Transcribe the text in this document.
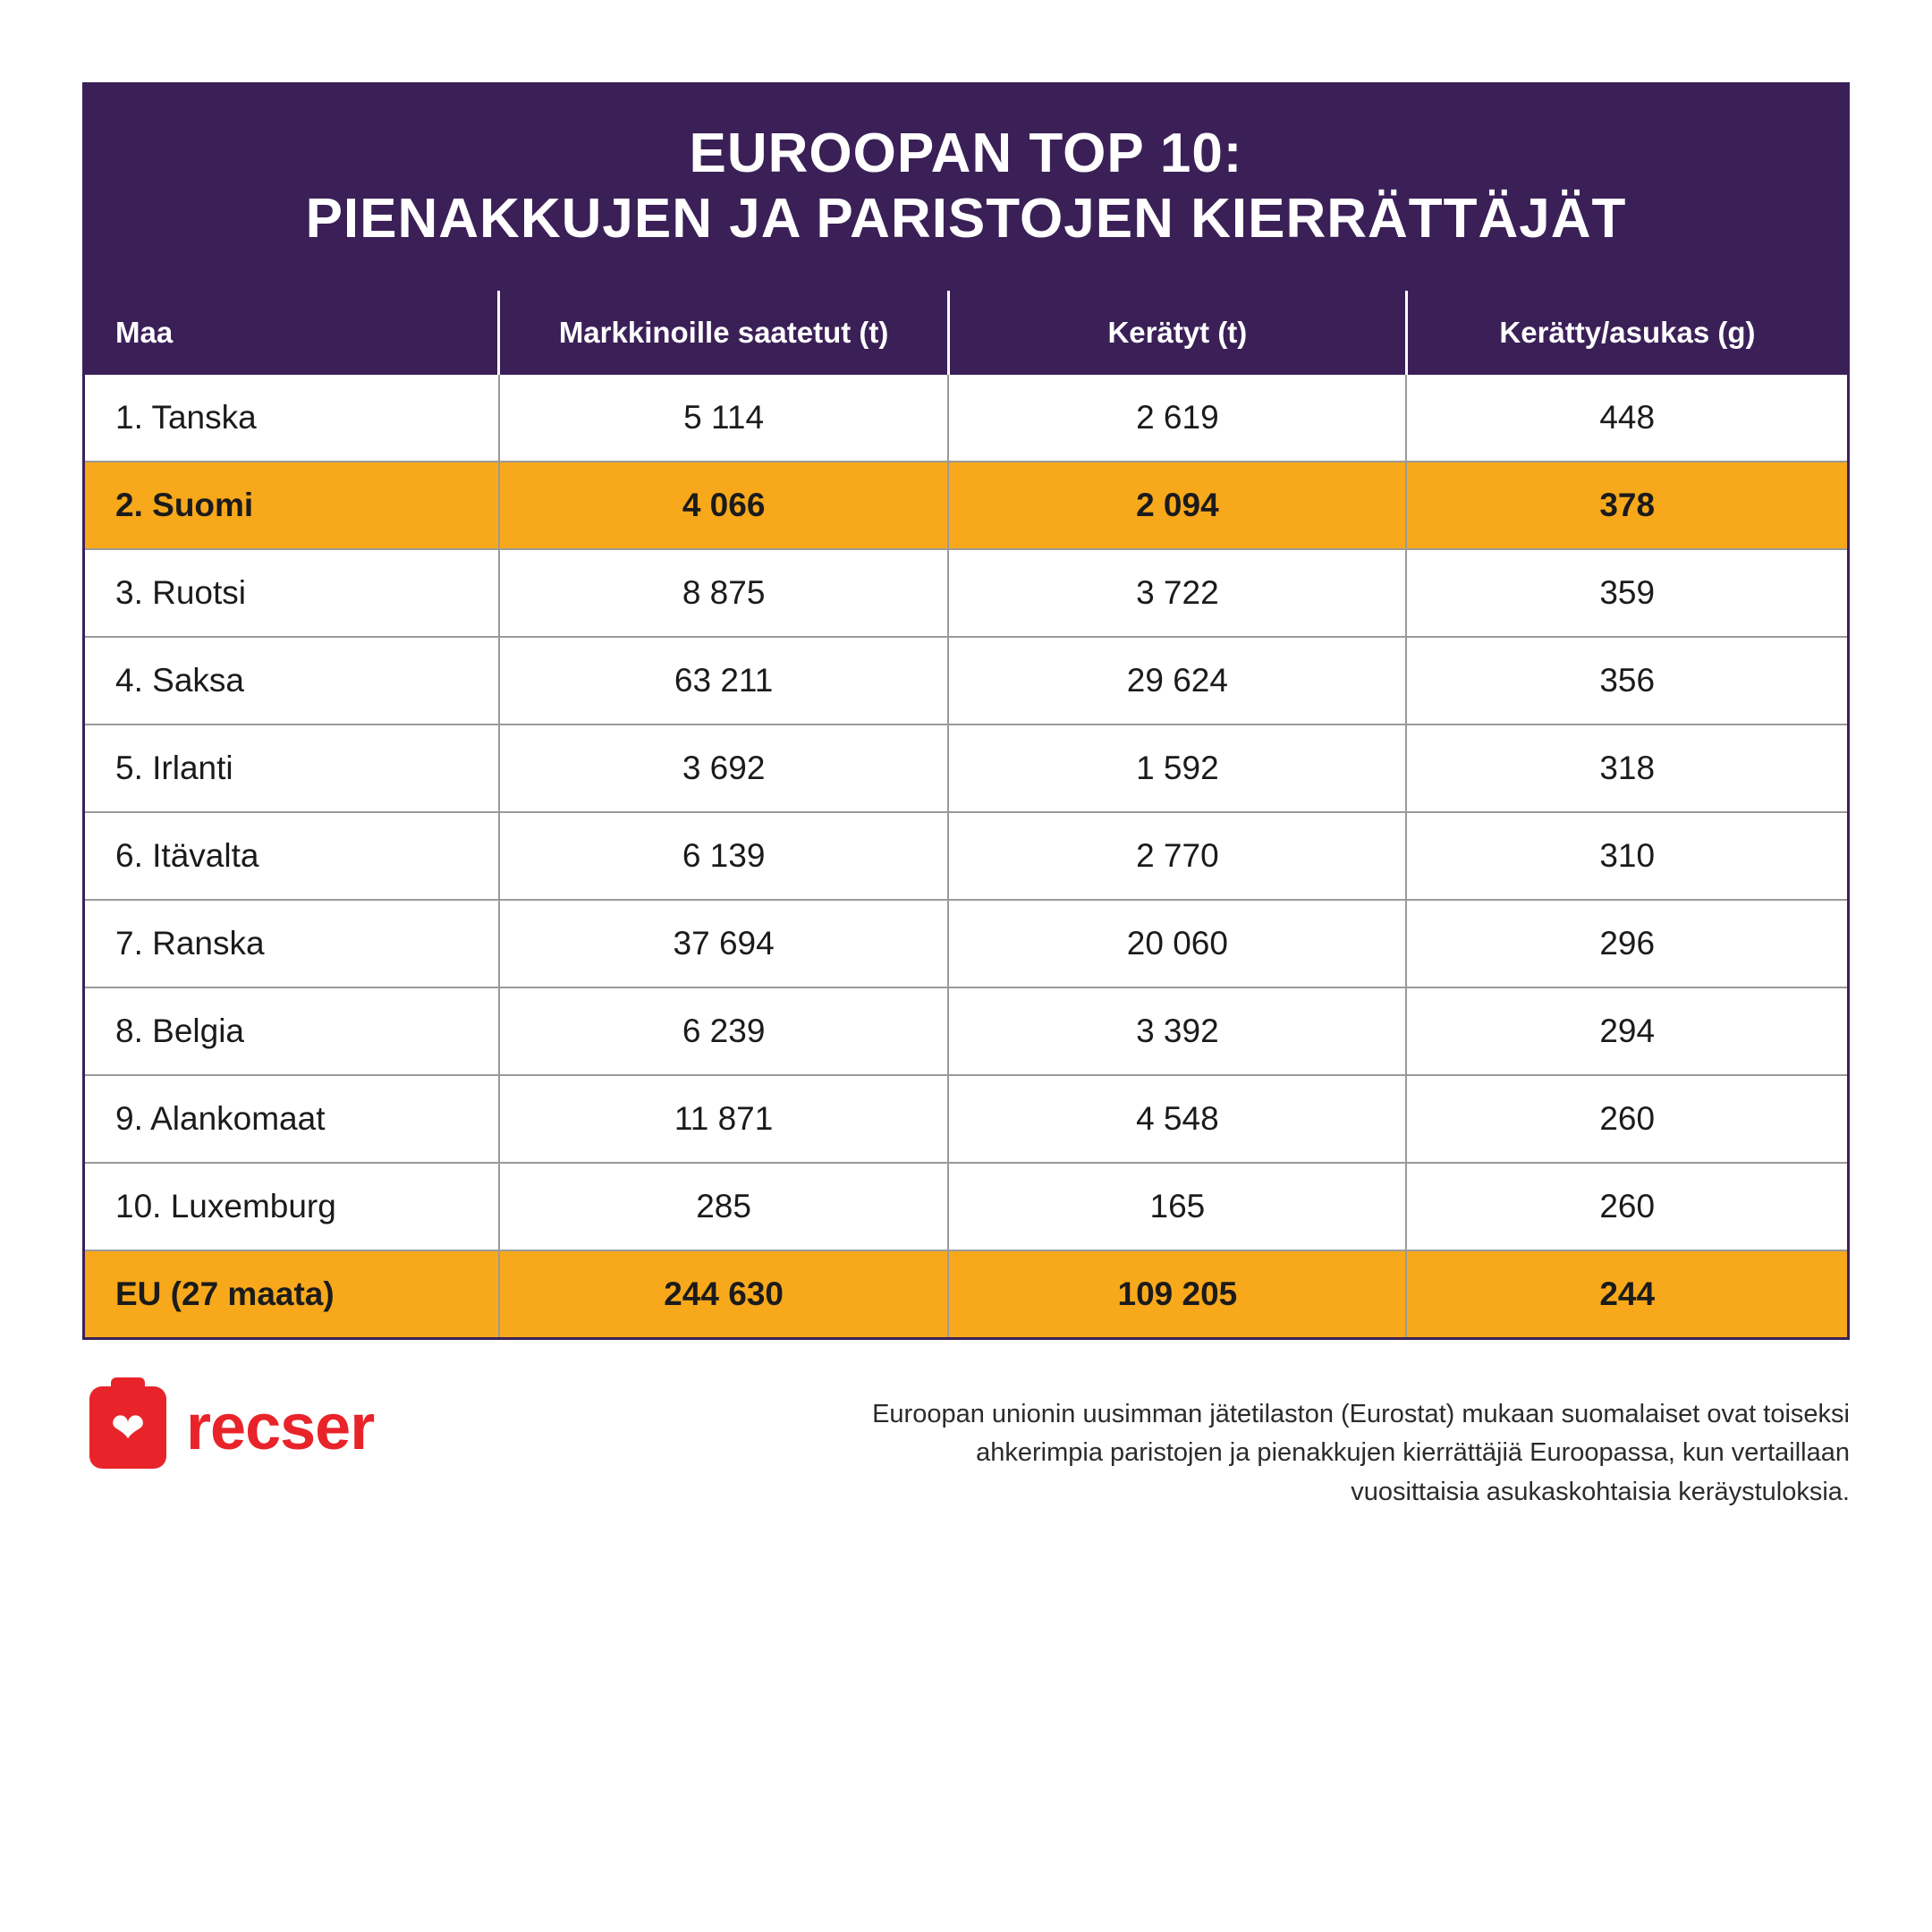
EUROOPAN TOP 10:
PIENAKKUJEN JA PARISTOJEN KIERRÄTTÄJÄT
Maa	Markkinoille saatetut (t)	Kerätyt (t)	Kerätty/asukas (g)
1. Tanska	5 114	2 619	448
2. Suomi	4 066	2 094	378
3. Ruotsi	8 875	3 722	359
4. Saksa	63 211	29 624	356
5. Irlanti	3 692	1 592	318
6. Itävalta	6 139	2 770	310
7. Ranska	37 694	20 060	296
8. Belgia	6 239	3 392	294
9. Alankomaat	11 871	4 548	260
10. Luxemburg	285	165	260
EU (27 maata)	244 630	109 205	244
❤ recser	Euroopan unionin uusimman jätetilaston (Eurostat) mukaan suomalaiset ovat toiseksi ahkerimpia paristojen ja pienakkujen kierrättäjiä Euroopassa, kun vertaillaan vuosittaisia asukaskohtaisia keräystuloksia.
